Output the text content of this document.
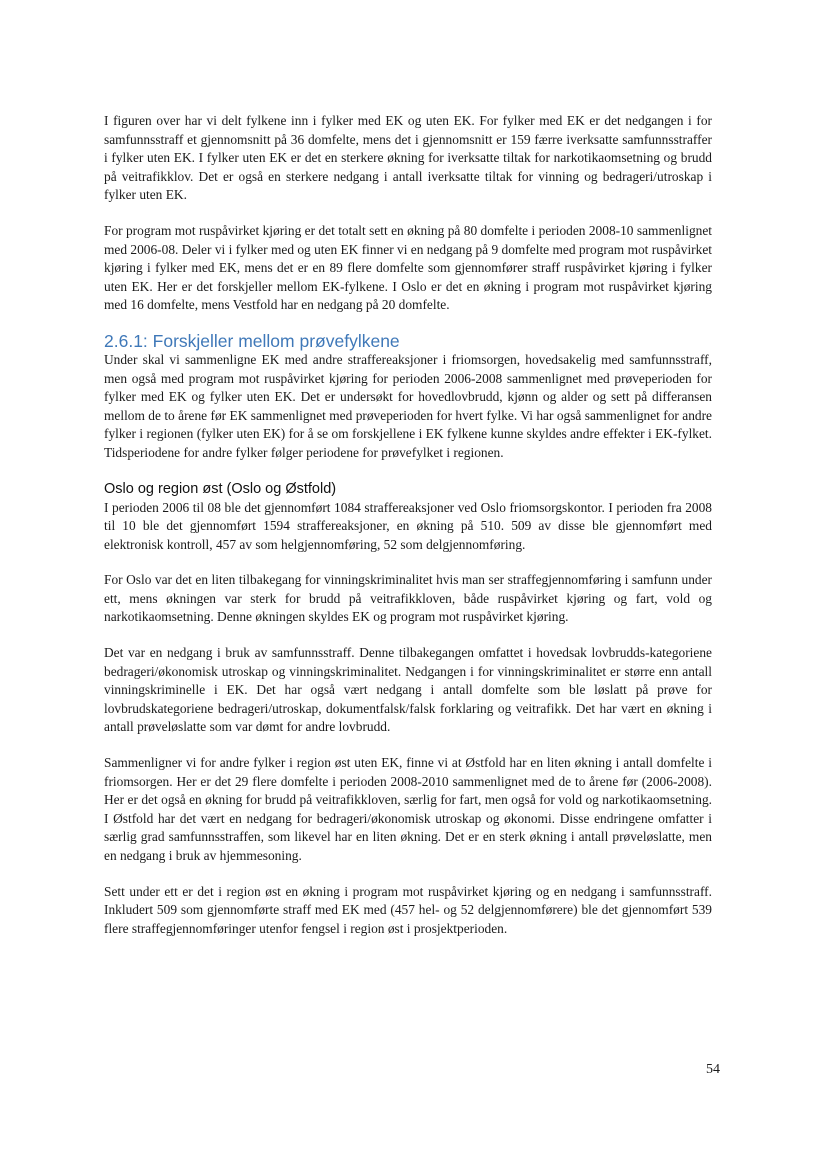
I figuren over har vi delt fylkene inn i fylker med EK og uten EK. For fylker med EK er det nedgangen i for samfunnsstraff et gjennomsnitt på 36 domfelte, mens det i gjennomsnitt er 159 færre iverksatte samfunnsstraffer i fylker uten EK. I fylker uten EK er det en sterkere økning for iverksatte tiltak for narkotikaomsetning og brudd på veitrafikklov. Det er også en sterkere nedgang i antall iverksatte tiltak for vinning og bedrageri/utroskap i fylker uten EK.

For program mot ruspåvirket kjøring er det totalt sett en økning på 80 domfelte i perioden 2008-10 sammenlignet med 2006-08. Deler vi i fylker med og uten EK finner vi en nedgang på 9 domfelte med program mot ruspåvirket kjøring i fylker med EK, mens det er en 89 flere domfelte som gjennomfører straff ruspåvirket kjøring i fylker uten EK. Her er det forskjeller mellom EK-fylkene. I Oslo er det en økning i program mot ruspåvirket kjøring med 16 domfelte, mens Vestfold har en nedgang på 20 domfelte.

2.6.1: Forskjeller mellom prøvefylkene

Under skal vi sammenligne EK med andre straffereaksjoner i friomsorgen, hovedsakelig med samfunnsstraff, men også med program mot ruspåvirket kjøring for perioden 2006-2008 sammenlignet med prøveperioden for fylker med EK og fylker uten EK. Det er undersøkt for hovedlovbrudd, kjønn og alder og sett på differansen mellom de to årene før EK sammenlignet med prøveperioden for hvert fylke. Vi har også sammenlignet for andre fylker i regionen (fylker uten EK) for å se om forskjellene i EK fylkene kunne skyldes andre effekter i EK-fylket. Tidsperiodene for andre fylker følger periodene for prøvefylket i regionen.

Oslo og region øst (Oslo og Østfold)

I perioden 2006 til 08 ble det gjennomført 1084 straffereaksjoner ved Oslo friomsorgskontor. I perioden fra 2008 til 10 ble det gjennomført 1594 straffereaksjoner, en økning på 510. 509 av disse ble gjennomført med elektronisk kontroll, 457 av som helgjennomføring, 52 som delgjennomføring.

For Oslo var det en liten tilbakegang for vinningskriminalitet hvis man ser straffegjennomføring i samfunn under ett, mens økningen var sterk for brudd på veitrafikkloven, både ruspåvirket kjøring og fart, vold og narkotikaomsetning. Denne økningen skyldes EK og program mot ruspåvirket kjøring.

Det var en nedgang i bruk av samfunnsstraff. Denne tilbakegangen omfattet i hovedsak lovbrudds-kategoriene bedrageri/økonomisk utroskap og vinningskriminalitet. Nedgangen i for vinningskriminalitet er større enn antall vinningskriminelle i EK. Det har også vært nedgang i antall domfelte som ble løslatt på prøve for lovbrudskategoriene bedrageri/utroskap, dokumentfalsk/falsk forklaring og veitrafikk. Det har vært en økning i antall prøveløslatte som var dømt for andre lovbrudd.

Sammenligner vi for andre fylker i region øst uten EK, finne vi at Østfold har en liten økning i antall domfelte i friomsorgen. Her er det 29 flere domfelte i perioden 2008-2010 sammenlignet med de to årene før (2006-2008). Her er det også en økning for brudd på veitrafikkloven, særlig for fart, men også for vold og narkotikaomsetning. I Østfold har det vært en nedgang for bedrageri/økonomisk utroskap og økonomi. Disse endringene omfatter i særlig grad samfunnsstraffen, som likevel har en liten økning. Det er en sterk økning i antall prøveløslatte, men en nedgang i bruk av hjemmesoning.

Sett under ett er det i region øst en økning i program mot ruspåvirket kjøring og en nedgang i samfunnsstraff. Inkludert 509 som gjennomførte straff med EK med (457 hel- og 52 delgjennomførere) ble det gjennomført 539 flere straffegjennomføringer utenfor fengsel i region øst i prosjektperioden.

54
